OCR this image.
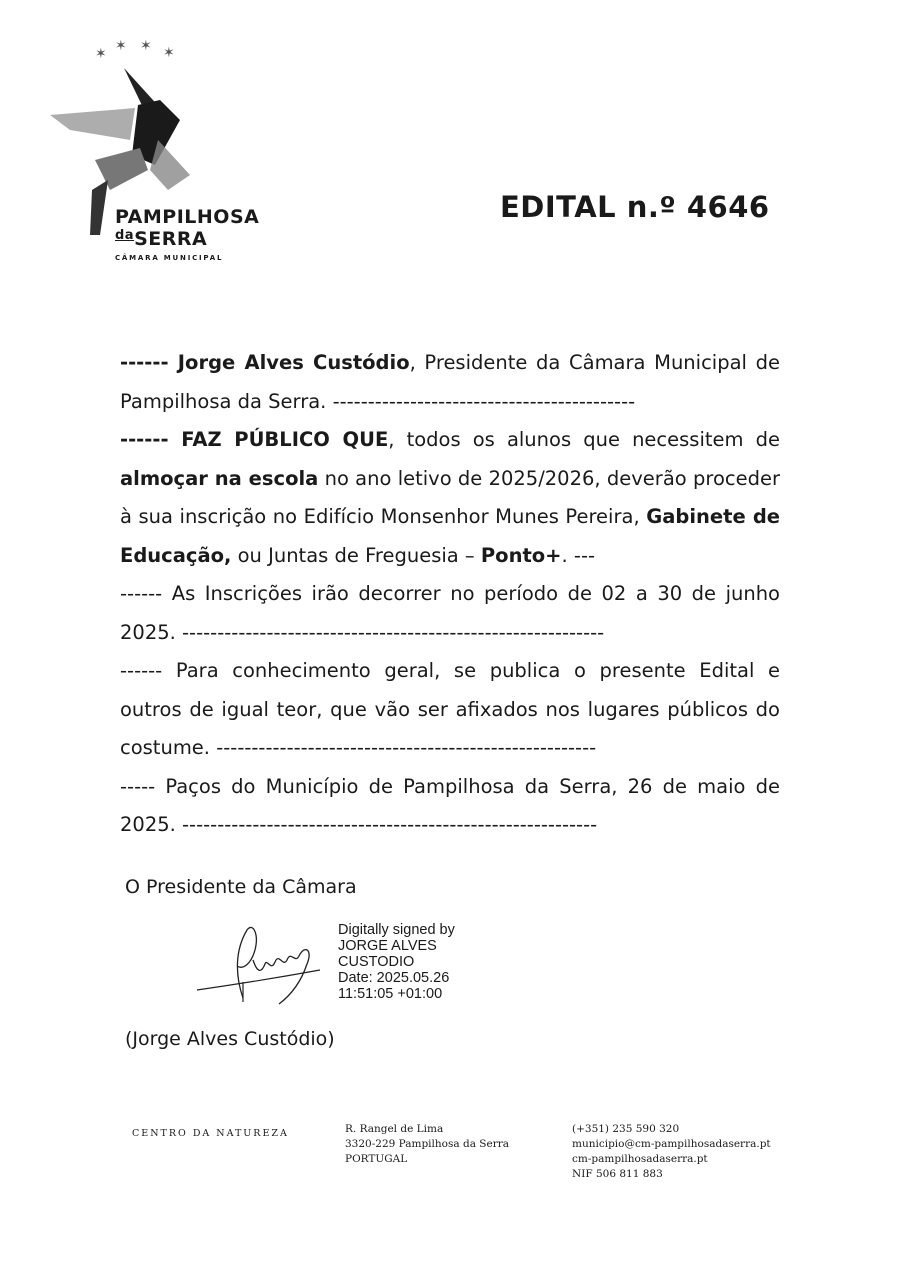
✶ ✶ ✶ ✶
PAMPILHOSA
$^{da}$SERRA
CÂMARA MUNICIPAL
EDITAL n.º 4646

------ Jorge Alves Custódio, Presidente da Câmara Municipal de Pampilhosa da Serra. -------------------------------------------

------ FAZ PÚBLICO QUE, todos os alunos que necessitem de almoçar na escola no ano letivo de 2025/2026, deverão proceder à sua inscrição no Edifício Monsenhor Munes Pereira, Gabinete de Educação, ou Juntas de Freguesia – Ponto+. ---

------ As Inscrições irão decorrer no período de 02 a 30 de junho 2025. ------------------------------------------------------------

------ Para conhecimento geral, se publica o presente Edital e outros de igual teor, que vão ser afixados nos lugares públicos do costume. ------------------------------------------------------

----- Paços do Município de Pampilhosa da Serra, 26 de maio de 2025. -----------------------------------------------------------

O Presidente da Câmara
Digitally signed by
JORGE ALVES
CUSTODIO
Date: 2025.05.26
11:51:05 +01:00
(Jorge Alves Custódio)
CENTRO DA NATUREZA	R. Rangel de Lima
3320-229 Pampilhosa da Serra
PORTUGAL
(+351) 235 590 320
municipio@cm-pampilhosadaserra.pt
cm-pampilhosadaserra.pt
NIF 506 811 883
